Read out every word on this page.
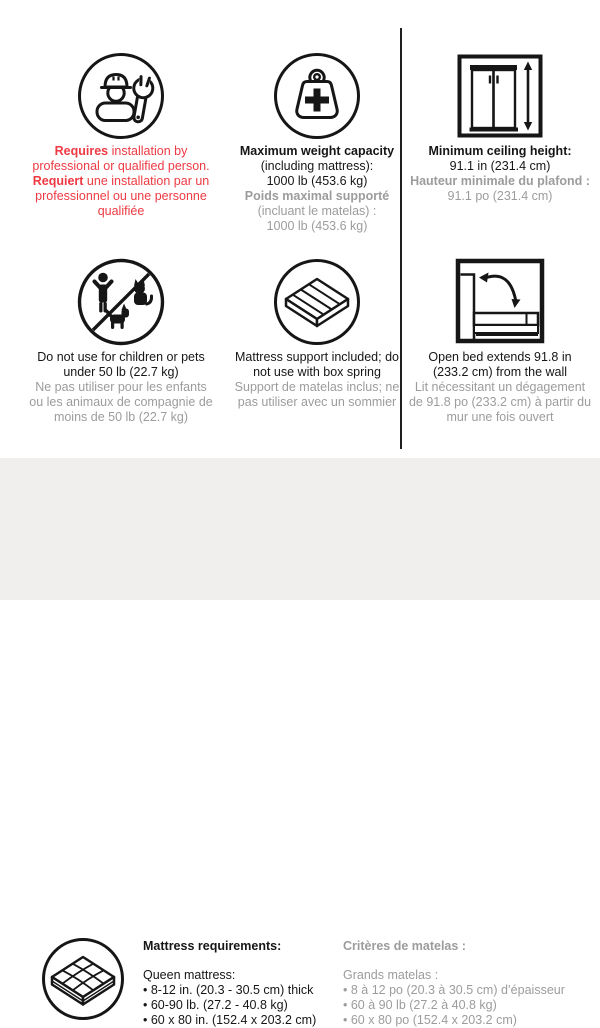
Requires installation by
professional or qualified person.
Requiert une installation par un
professionnel ou une personne
qualifiée
Maximum weight capacity
(including mattress):
1000 lb (453.6 kg)
Poids maximal supporté
(incluant le matelas) :
1000 lb (453.6 kg)
Minimum ceiling height:
91.1 in (231.4 cm)
Hauteur minimale du plafond :
91.1 po (231.4 cm)
Do not use for children or pets
under 50 lb (22.7 kg)
Ne pas utiliser pour les enfants
ou les animaux de compagnie de
moins de 50 lb (22.7 kg)
Mattress support included; do
not use with box spring
Support de matelas inclus; ne
pas utiliser avec un sommier
Open bed extends 91.8 in
(233.2 cm) from the wall
Lit nécessitant un dégagement
de 91.8 po (233.2 cm) à partir du
mur une fois ouvert
Mattress requirements:
Queen mattress:
• 8-12 in. (20.3 - 30.5 cm) thick
• 60-90 lb. (27.2 - 40.8 kg)
• 60 x 80 in. (152.4 x 203.2 cm)
Critères de matelas :
Grands matelas :
• 8 à 12 po (20.3 à 30.5 cm) d’épaisseur
• 60 à 90 lb (27.2 à 40.8 kg)
• 60 x 80 po (152.4 x 203.2 cm)
